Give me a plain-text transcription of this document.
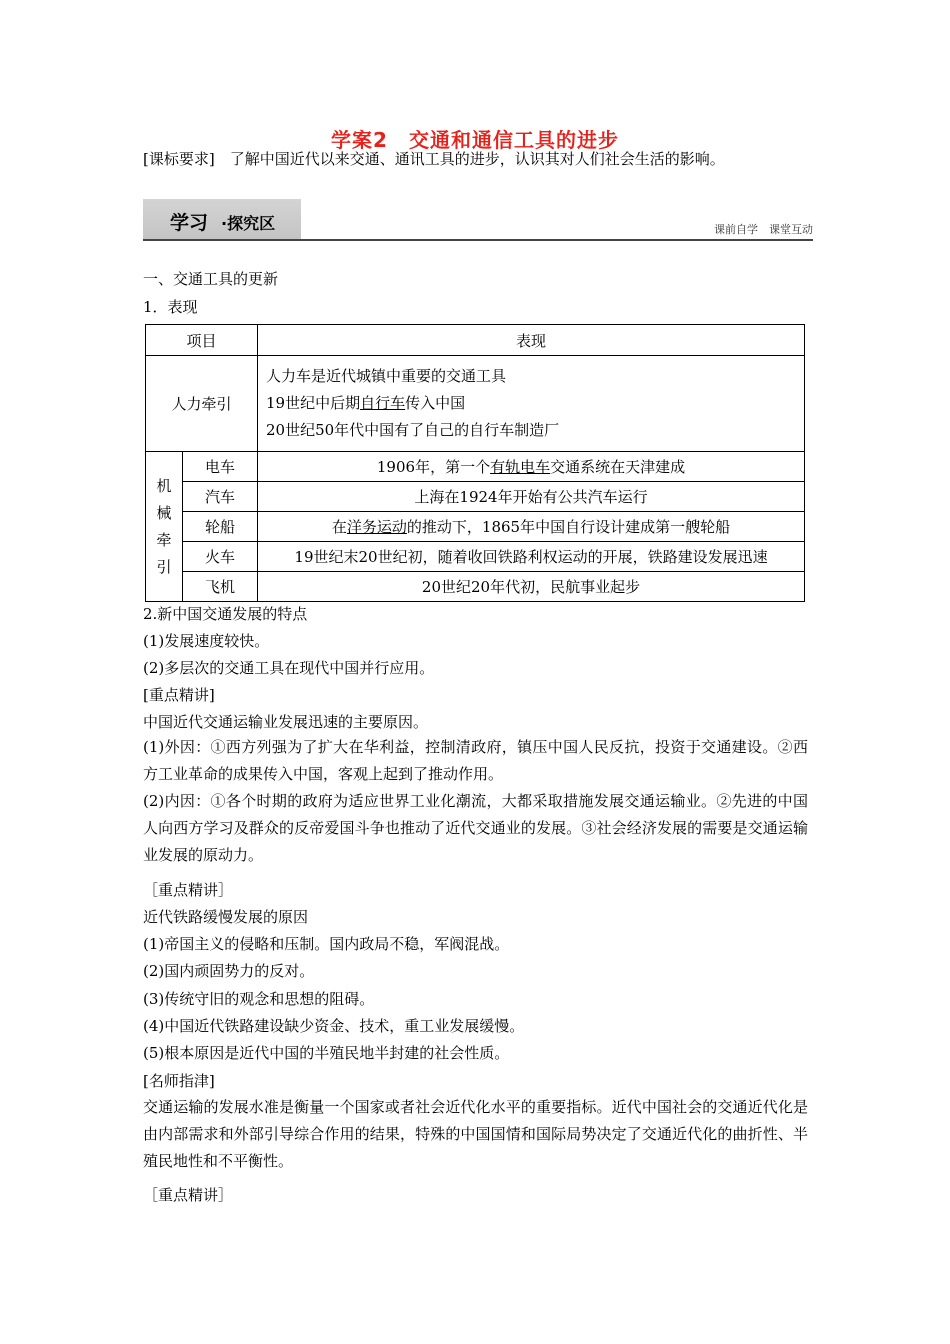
学案2　交通和通信工具的进步
[课标要求]　了解中国近代以来交通、通讯工具的进步，认识其对人们社会生活的影响。
学习 ·探究区	课前自学　课堂互动
一、交通工具的更新
1．表现
项目		表现
人力牵引		人力车是近代城镇中重要的交通工具
19世纪中后期自行车传入中国
20世纪50年代中国有了自己的自行车制造厂

机
械
牵
引	电车	1906年，第一个有轨电车交通系统在天津建成
	汽车	上海在1924年开始有公共汽车运行
	轮船	在洋务运动的推动下，1865年中国自行设计建成第一艘轮船
	火车	19世纪末20世纪初，随着收回铁路利权运动的开展，铁路建设发展迅速
	飞机	20世纪20年代初，民航事业起步
2.新中国交通发展的特点
(1)发展速度较快。
(2)多层次的交通工具在现代中国并行应用。
[重点精讲]
中国近代交通运输业发展迅速的主要原因。
(1)外因：①西方列强为了扩大在华利益，控制清政府，镇压中国人民反抗，投资于交通建设。②西方工业革命的成果传入中国，客观上起到了推动作用。
(2)内因：①各个时期的政府为适应世界工业化潮流，大都采取措施发展交通运输业。②先进的中国人向西方学习及群众的反帝爱国斗争也推动了近代交通业的发展。③社会经济发展的需要是交通运输业发展的原动力。
［重点精讲］
近代铁路缓慢发展的原因
(1)帝国主义的侵略和压制。国内政局不稳，军阀混战。
(2)国内顽固势力的反对。
(3)传统守旧的观念和思想的阻碍。
(4)中国近代铁路建设缺少资金、技术，重工业发展缓慢。
(5)根本原因是近代中国的半殖民地半封建的社会性质。
[名师指津]
交通运输的发展水准是衡量一个国家或者社会近代化水平的重要指标。近代中国社会的交通近代化是由内部需求和外部引导综合作用的结果，特殊的中国国情和国际局势决定了交通近代化的曲折性、半殖民地性和不平衡性。
［重点精讲］
